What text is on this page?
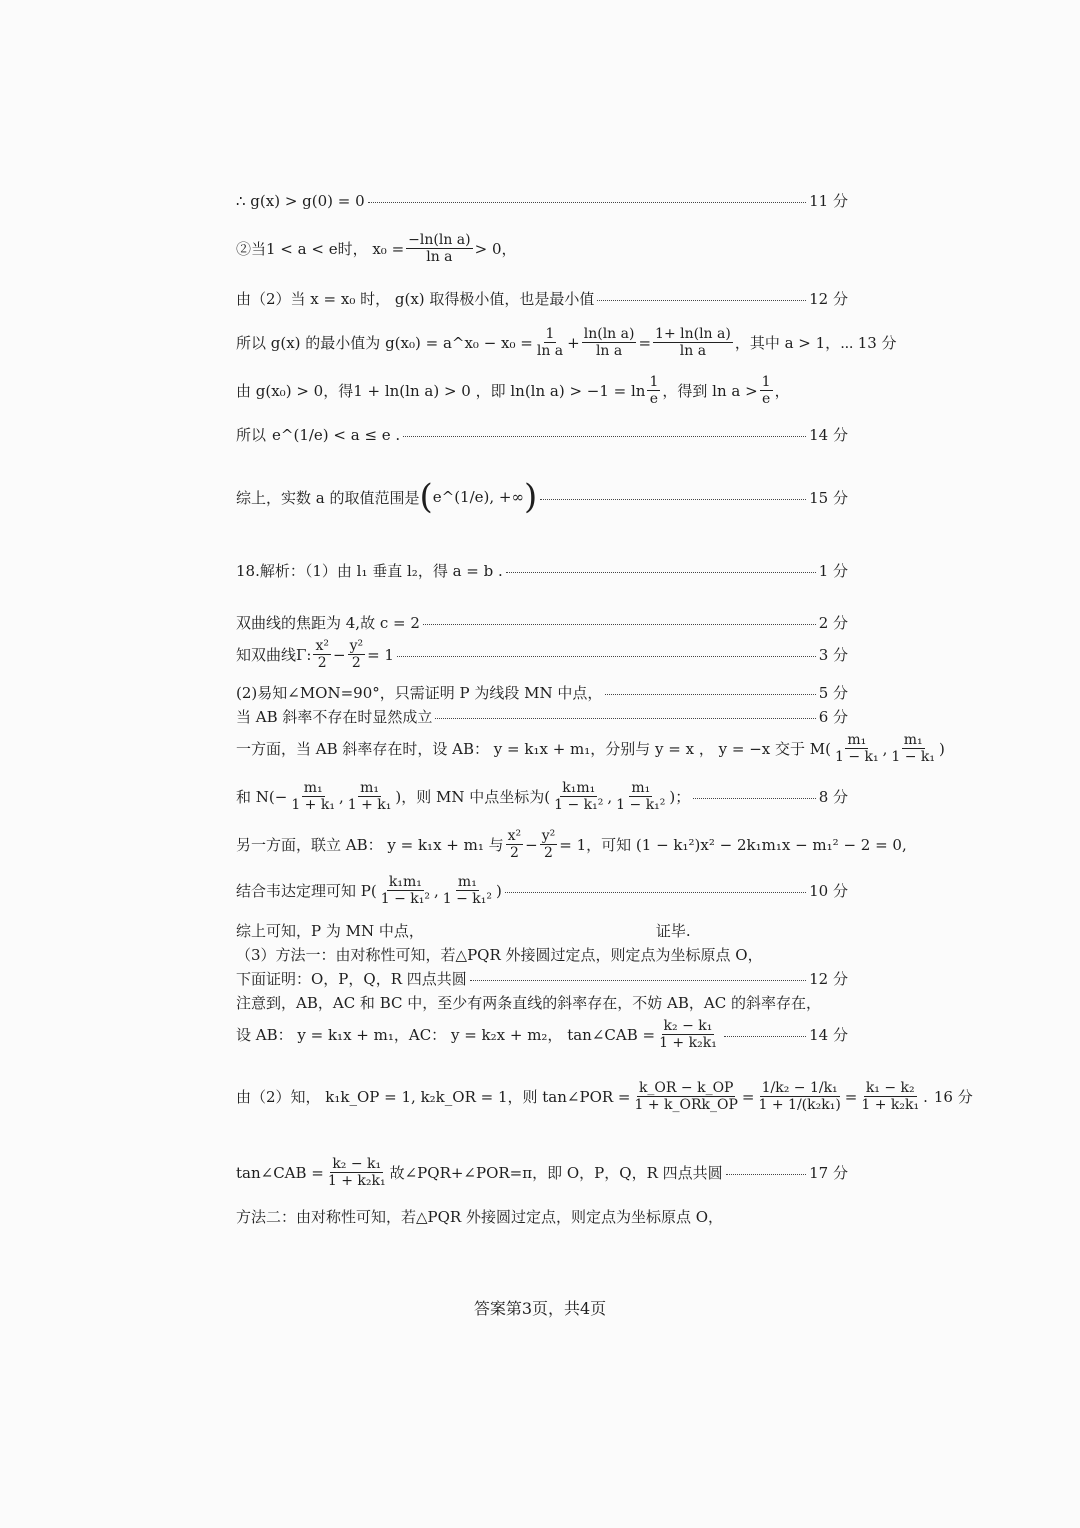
∴ g(x) > g(0) = 0	11 分
②当1 < a < e时， $x_0 = \frac{\text{−ln(ln a)}}{\text{ln a}} > 0$，
由（2）当 x = x₀ 时， g(x) 取得极小值，也是最小值	12 分
所以 g(x) 的最小值为 g(x₀) = a^x₀ − $x_0 = \frac{1}{\text{ln a}} + \frac{\text{ln(ln a)}}{\text{ln a}} = \frac{\text{1+ ln(ln a)}}{\text{ln a}}$ ，其中 a > 1，⋯ 13 分
由 g(x₀) > 0，得1 + ln(ln a) > 0 ，即 ln(ln $a) > -1 = \ln \frac{1}{e}$ ，得到 $\ln a > \frac{1}{e}$ ，
所以 e^(1/e) < a ≤ e .	14 分
综上，实数 a 的取值范围是 ( e^(1/e), +∞ )	15 分
18.解析：（1）由 l₁ 垂直 l₂，得 a = b .	1 分
双曲线的焦距为 4,故 c = 2	2 分
知双曲线Γ: $\frac{\text{x²}}{2} - \frac{\text{y²}}{2} = 1$	3 分
(2)易知∠MON=90°，只需证明 P 为线段 MN 中点，	5 分
当 AB 斜率不存在时显然成立	6 分
一方面，当 AB 斜率存在时，设 AB： y = k₁x + m₁，分别与 y = x ， y = −x 交于 $M( \frac{\text{m₁}}{\text{1 − k₁}}$ , $\frac{\text{m₁}}{\text{1 − k₁}}$ )
和 $N(- \frac{\text{m₁}}{\text{1 + k₁}}$ , $\frac{\text{m₁}}{\text{1 + k₁}}$ )，则 MN 中点坐标为( $\frac{\text{k₁m₁}}{\text{1 − k₁²}}$ , $\frac{\text{m₁}}{\text{1 − k₁²}}$ )；	8 分
另一方面，联立 AB： y = k₁x + m₁ 与 $\frac{\text{x²}}{2} - \frac{\text{y²}}{2} = 1$，可知 (1 − k₁²)x² − 2k₁m₁x − m₁² − 2 = 0,
结合韦达定理可知 $P( \frac{\text{k₁m₁}}{\text{1 − k₁²}}$ , $\frac{\text{m₁}}{\text{1 − k₁²}}$ )	10 分
综上可知，P 为 MN 中点，	证毕.
（3）方法一：由对称性可知，若△PQR 外接圆过定点，则定点为坐标原点 O，
下面证明：O，P，Q，R 四点共圆	12 分
注意到，AB，AC 和 BC 中，至少有两条直线的斜率存在，不妨 AB，AC 的斜率存在，
设 AB： y = k₁x + m₁，AC： y = k₂x + m₂， tan∠CAB = $\frac{\text{k₂ − k₁}}{\text{1 + k₂k₁}}$	14 分
由（2）知， k₁k_OP = 1, k₂k_OR = 1，则 tan∠POR = $\frac{k\_OR - k\_OP}{\text{1 + k\_ORk\_OP}} = \frac{\text{1/k₂ − 1/k₁}}{\text{1 + 1/(k₂k₁)}} = \frac{\text{k₁ − k₂}}{\text{1 + k₂k₁}}$ . 16 分
tan∠CAB = $\frac{\text{k₂ − k₁}}{\text{1 + k₂k₁}}$ 故∠PQR+∠POR=π，即 O，P，Q，R 四点共圆	17 分
方法二：由对称性可知，若△PQR 外接圆过定点，则定点为坐标原点 O，
答案第3页，共4页
